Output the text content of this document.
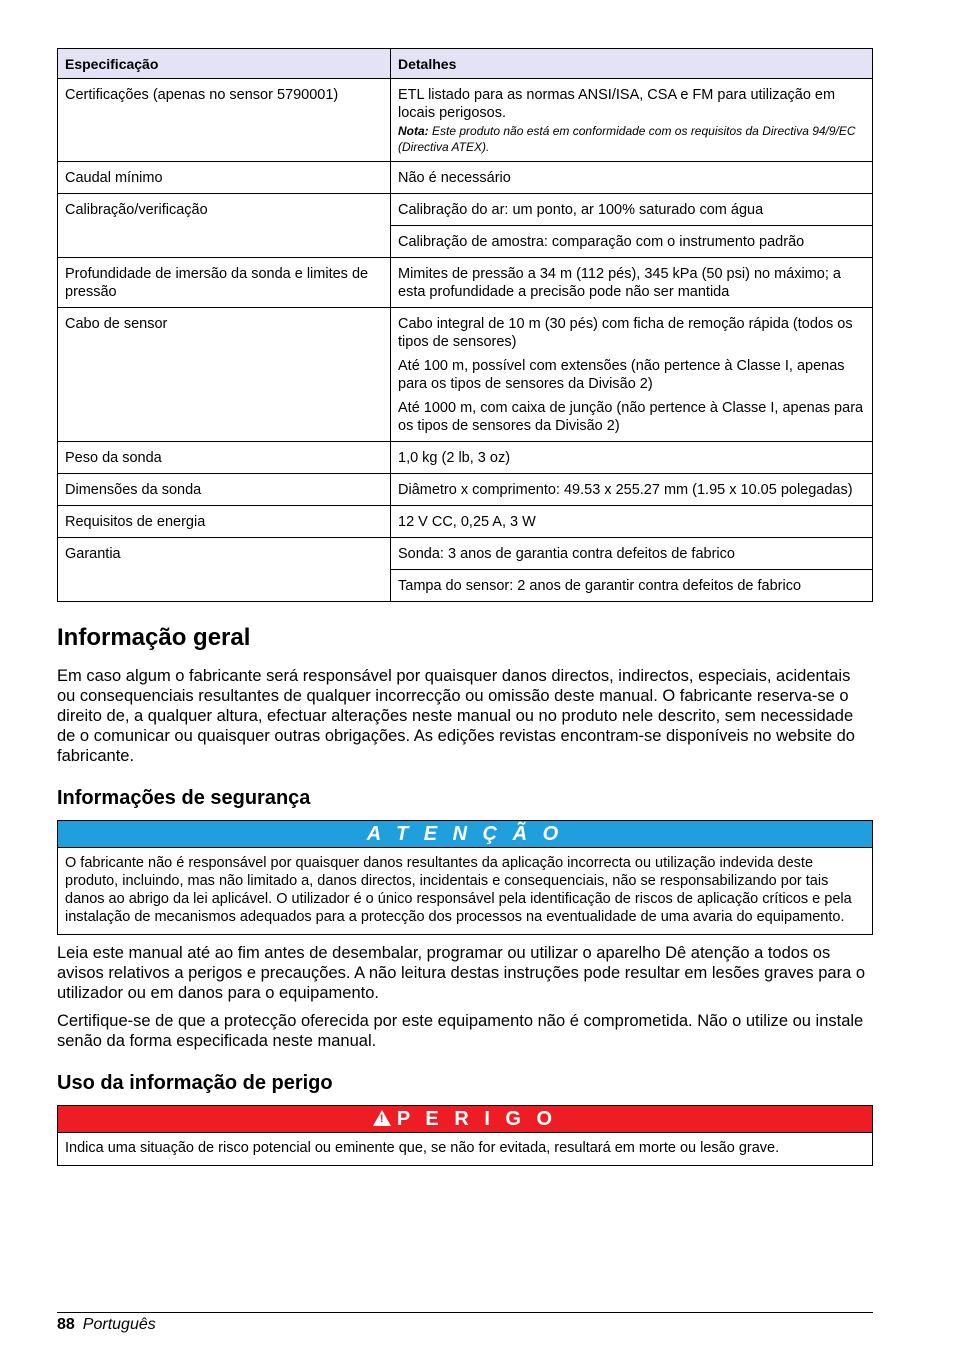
Especificação	Detalhes
Certificações (apenas no sensor 5790001)	ETL listado para as normas ANSI/ISA, CSA e FM para utilização em locais perigosos.
Nota: Este produto não está em conformidade com os requisitos da Directiva 94/9/EC (Directiva ATEX).

Caudal mínimo	Não é necessário
Calibração/verificação	Calibração do ar: um ponto, ar 100% saturado com água
	Calibração de amostra: comparação com o instrumento padrão
Profundidade de imersão da sonda e limites de pressão	Mimites de pressão a 34 m (112 pés), 345 kPa (50 psi) no máximo; a esta profundidade a precisão pode não ser mantida
Cabo de sensor	Cabo integral de 10 m (30 pés) com ficha de remoção rápida (todos os tipos de sensores)
Até 100 m, possível com extensões (não pertence à Classe I, apenas para os tipos de sensores da Divisão 2)
Até 1000 m, com caixa de junção (não pertence à Classe I, apenas para os tipos de sensores da Divisão 2)

Peso da sonda	1,0 kg (2 lb, 3 oz)
Dimensões da sonda	Diâmetro x comprimento: 49.53 x 255.27 mm (1.95 x 10.05 polegadas)
Requisitos de energia	12 V CC, 0,25 A, 3 W
Garantia	Sonda: 3 anos de garantia contra defeitos de fabrico
	Tampa do sensor: 2 anos de garantir contra defeitos de fabrico
Informação geral

Em caso algum o fabricante será responsável por quaisquer danos directos, indirectos, especiais, acidentais ou consequenciais resultantes de qualquer incorrecção ou omissão deste manual. O fabricante reserva-se o direito de, a qualquer altura, efectuar alterações neste manual ou no produto nele descrito, sem necessidade de o comunicar ou quaisquer outras obrigações. As edições revistas encontram-se disponíveis no website do fabricante.

Informações de segurança
A T E N Ç Ã O
O fabricante não é responsável por quaisquer danos resultantes da aplicação incorrecta ou utilização indevida deste produto, incluindo, mas não limitado a, danos directos, incidentais e consequenciais, não se responsabilizando por tais danos ao abrigo da lei aplicável. O utilizador é o único responsável pela identificação de riscos de aplicação críticos e pela instalação de mecanismos adequados para a protecção dos processos na eventualidade de uma avaria do equipamento.

Leia este manual até ao fim antes de desembalar, programar ou utilizar o aparelho Dê atenção a todos os avisos relativos a perigos e precauções. A não leitura destas instruções pode resultar em lesões graves para o utilizador ou em danos para o equipamento.

Certifique-se de que a protecção oferecida por este equipamento não é comprometida. Não o utilize ou instale senão da forma especificada neste manual.

Uso da informação de perigo
! P E R I G O
Indica uma situação de risco potencial ou eminente que, se não for evitada, resultará em morte ou lesão grave.
88 Português
